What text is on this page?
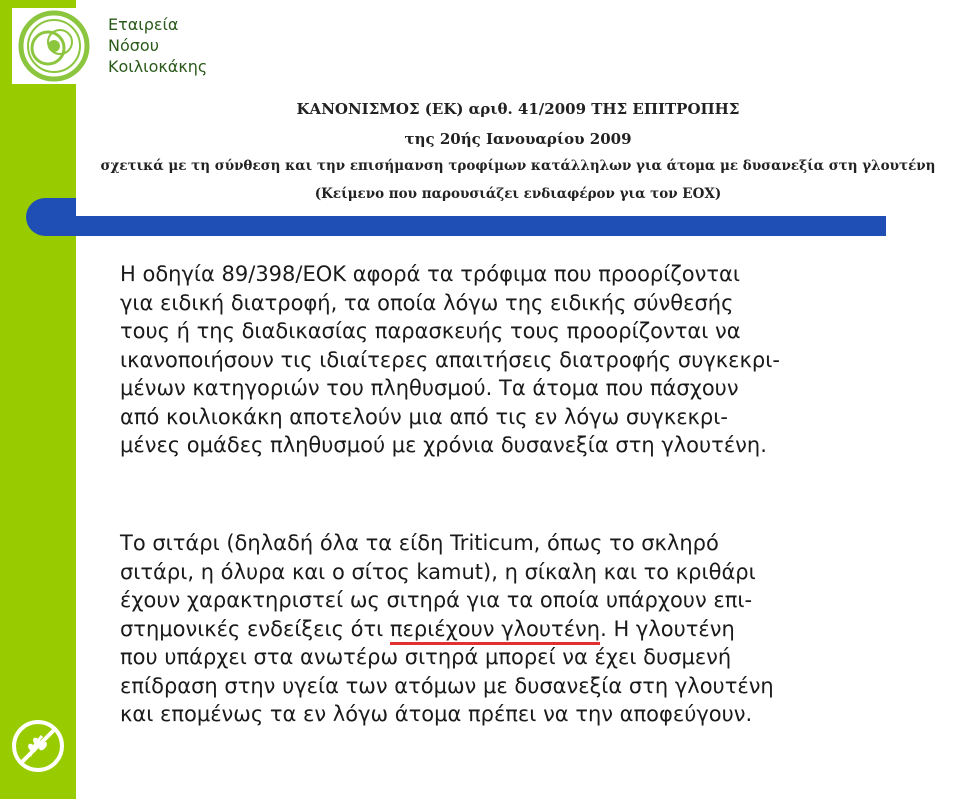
Εταιρεία
Νόσου
Κοιλιοκάκης
ΚΑΝΟΝΙΣΜΟΣ (ΕΚ) αριθ. 41/2009 ΤΗΣ ΕΠΙΤΡΟΠΗΣ
της 20ής Ιανουαρίου 2009
σχετικά με τη σύνθεση και την επισήμανση τροφίμων κατάλληλων για άτομα με δυσανεξία στη γλουτένη
(Κείμενο που παρουσιάζει ενδιαφέρον για τον ΕΟΧ)
Η οδηγία 89/398/ΕΟΚ αφορά τα τρόφιμα που προορίζονται
για ειδική διατροφή, τα οποία λόγω της ειδικής σύνθεσής
τους ή της διαδικασίας παρασκευής τους προορίζονται να
ικανοποιήσουν τις ιδιαίτερες απαιτήσεις διατροφής συγκεκρι-
μένων κατηγοριών του πληθυσμού. Τα άτομα που πάσχουν
από κοιλιοκάκη αποτελούν μια από τις εν λόγω συγκεκρι-
μένες ομάδες πληθυσμού με χρόνια δυσανεξία στη γλουτένη.
Το σιτάρι (δηλαδή όλα τα είδη Triticum, όπως το σκληρό
σιτάρι, η όλυρα και ο σίτος kamut), η σίκαλη και το κριθάρι
έχουν χαρακτηριστεί ως σιτηρά για τα οποία υπάρχουν επι-
στημονικές ενδείξεις ότι περιέχουν γλουτένη. Η γλουτένη
που υπάρχει στα ανωτέρω σιτηρά μπορεί να έχει δυσμενή
επίδραση στην υγεία των ατόμων με δυσανεξία στη γλουτένη
και επομένως τα εν λόγω άτομα πρέπει να την αποφεύγουν.
